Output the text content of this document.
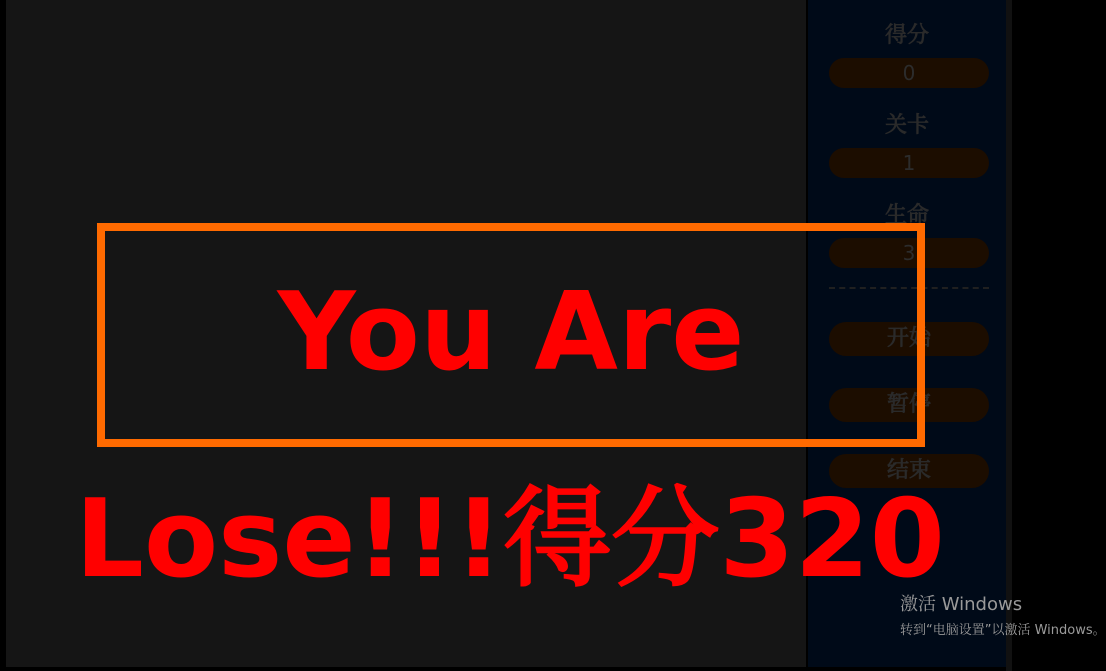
得分
0
关卡
1
生命
3
开始
暂停
结束
You Are
Lose!!!得分320
激活 Windows
转到“电脑设置”以激活 Windows。
